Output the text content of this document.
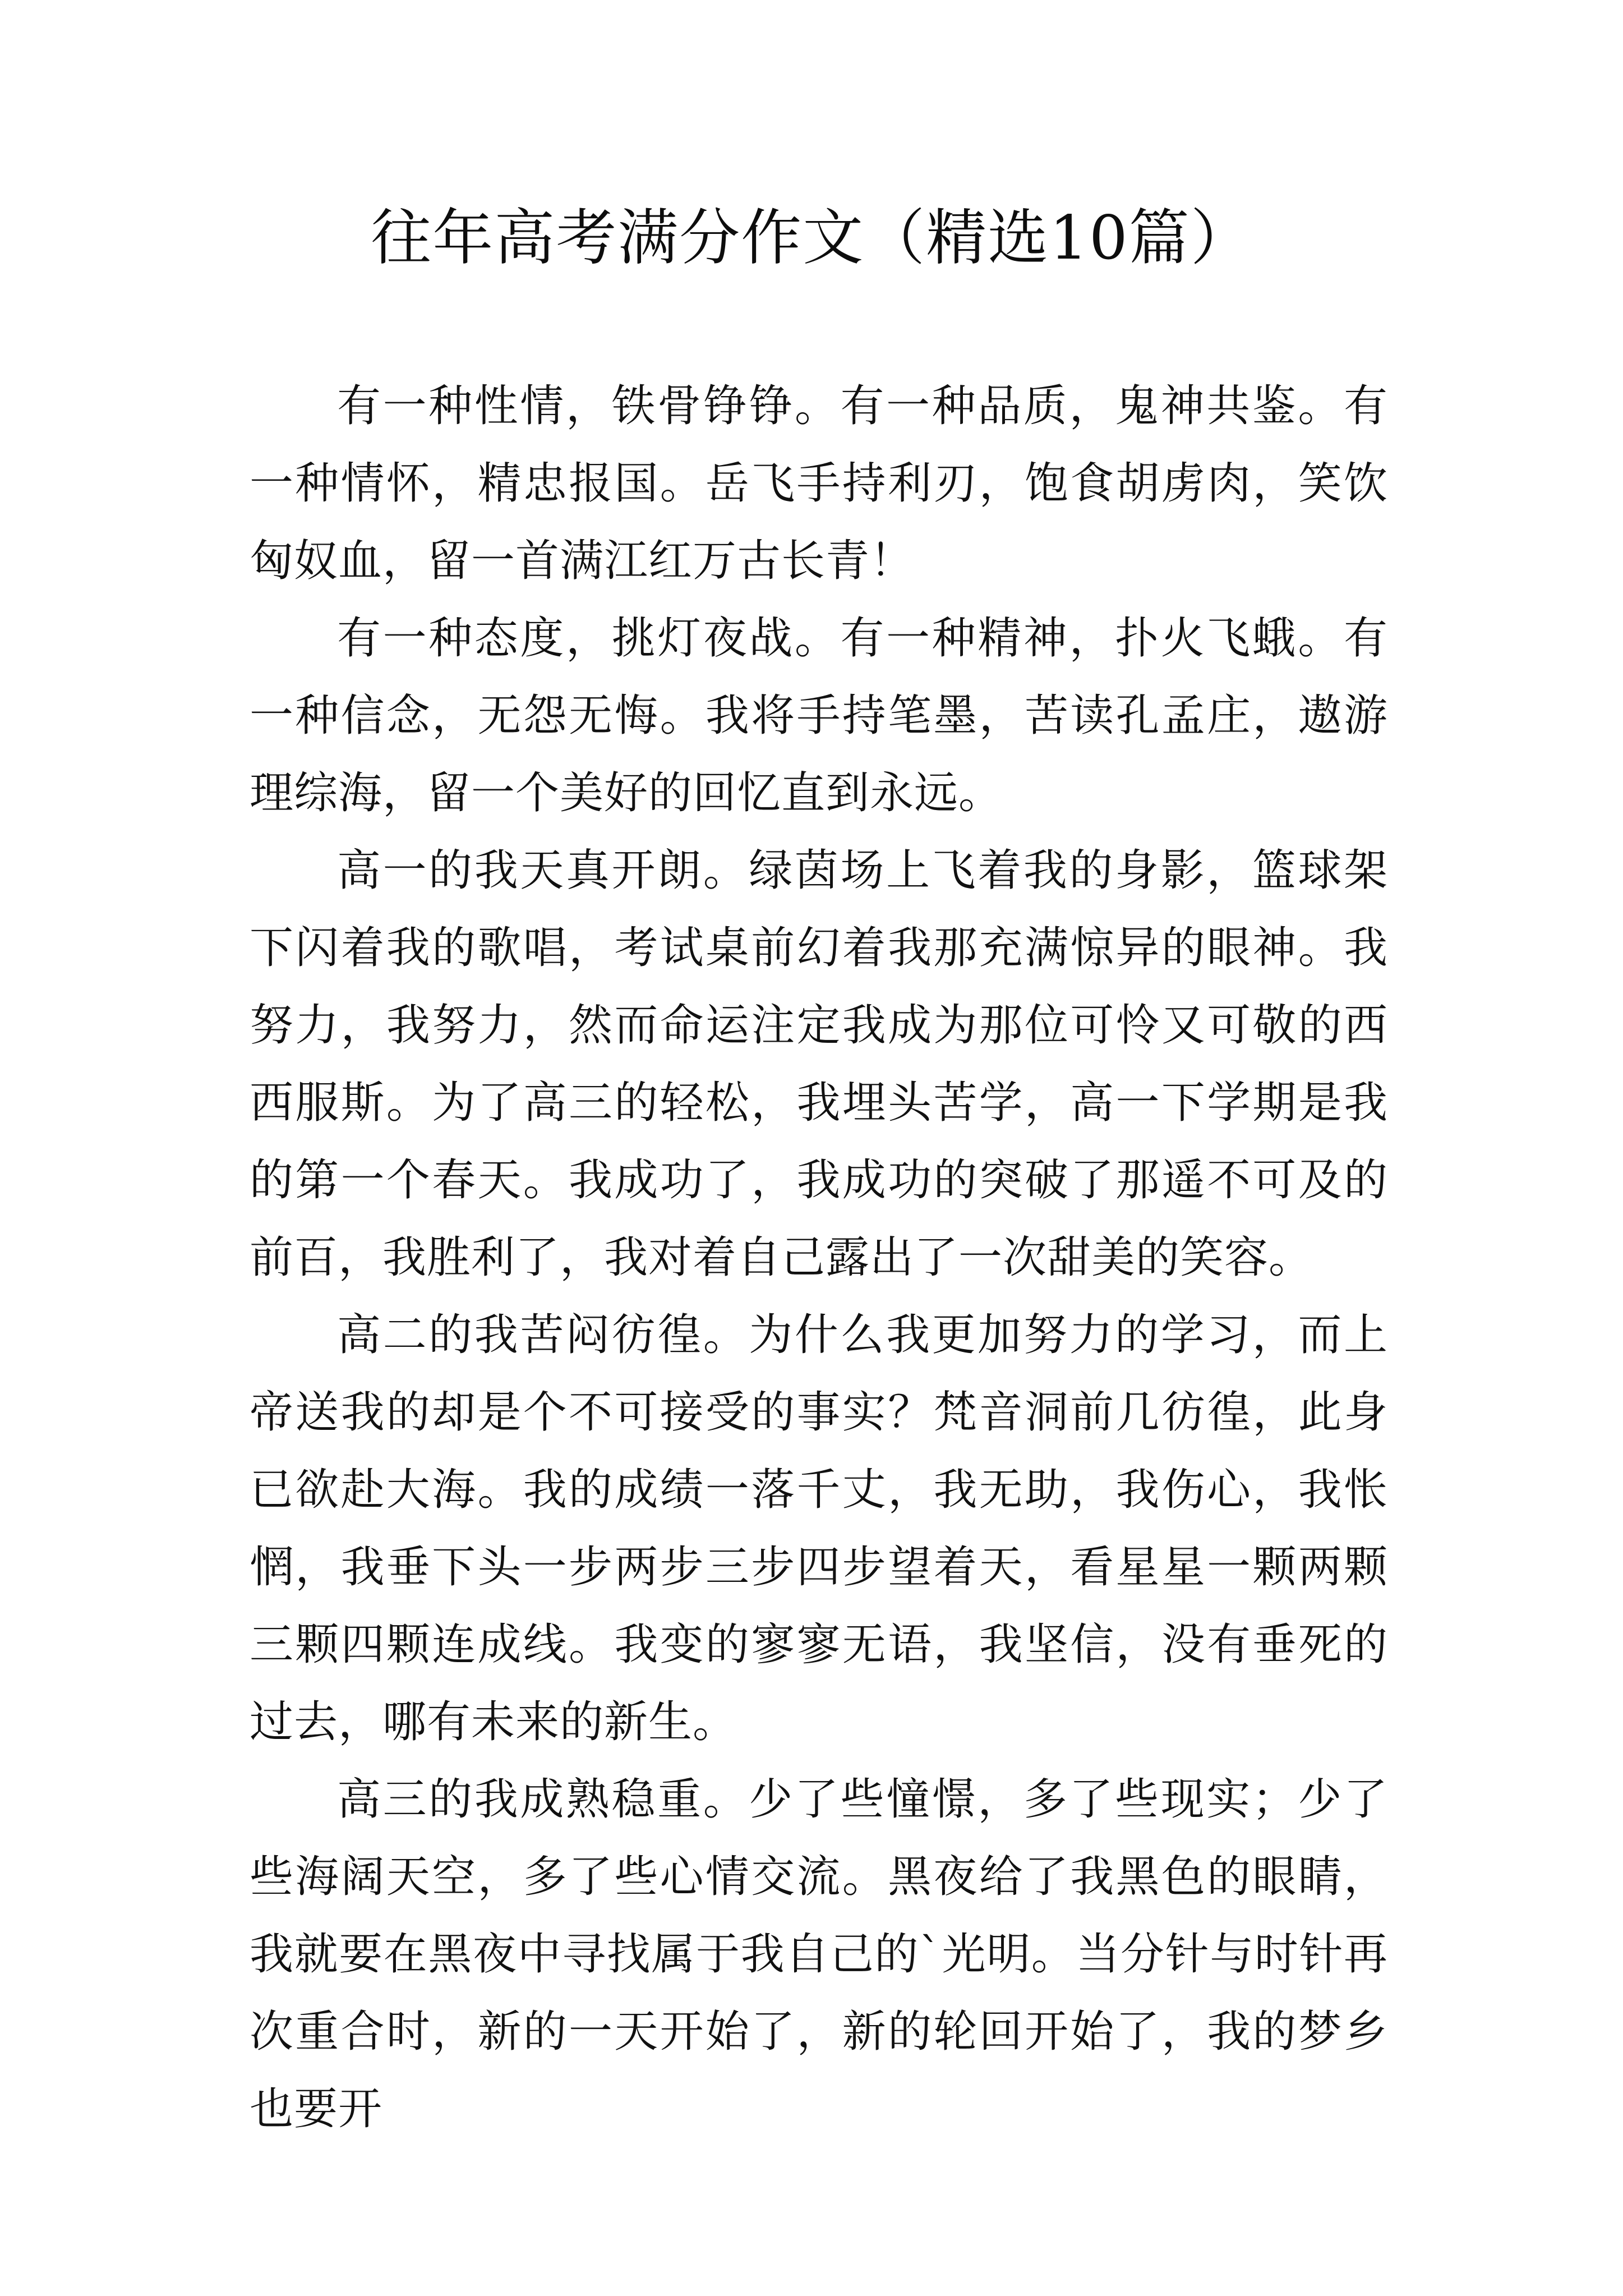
往年高考满分作文（精选10篇）

有一种性情，铁骨铮铮。有一种品质，鬼神共鉴。有一种情怀，精忠报国。岳飞手持利刃，饱食胡虏肉，笑饮匈奴血，留一首满江红万古长青！

有一种态度，挑灯夜战。有一种精神，扑火飞蛾。有一种信念，无怨无悔。我将手持笔墨，苦读孔孟庄，遨游理综海，留一个美好的回忆直到永远。

高一的我天真开朗。绿茵场上飞着我的身影，篮球架下闪着我的歌唱，考试桌前幻着我那充满惊异的眼神。我努力，我努力，然而命运注定我成为那位可怜又可敬的西西服斯。为了高三的轻松，我埋头苦学，高一下学期是我的第一个春天。我成功了，我成功的突破了那遥不可及的前百，我胜利了，我对着自己露出了一次甜美的笑容。

高二的我苦闷彷徨。为什么我更加努力的学习，而上帝送我的却是个不可接受的事实？梵音洞前几彷徨，此身已欲赴大海。我的成绩一落千丈，我无助，我伤心，我怅惘，我垂下头一步两步三步四步望着天，看星星一颗两颗三颗四颗连成线。我变的寥寥无语，我坚信，没有垂死的过去，哪有未来的新生。

高三的我成熟稳重。少了些憧憬，多了些现实；少了些海阔天空，多了些心情交流。黑夜给了我黑色的眼睛，我就要在黑夜中寻找属于我自己的`光明。当分针与时针再次重合时，新的一天开始了，新的轮回开始了，我的梦乡也要开
